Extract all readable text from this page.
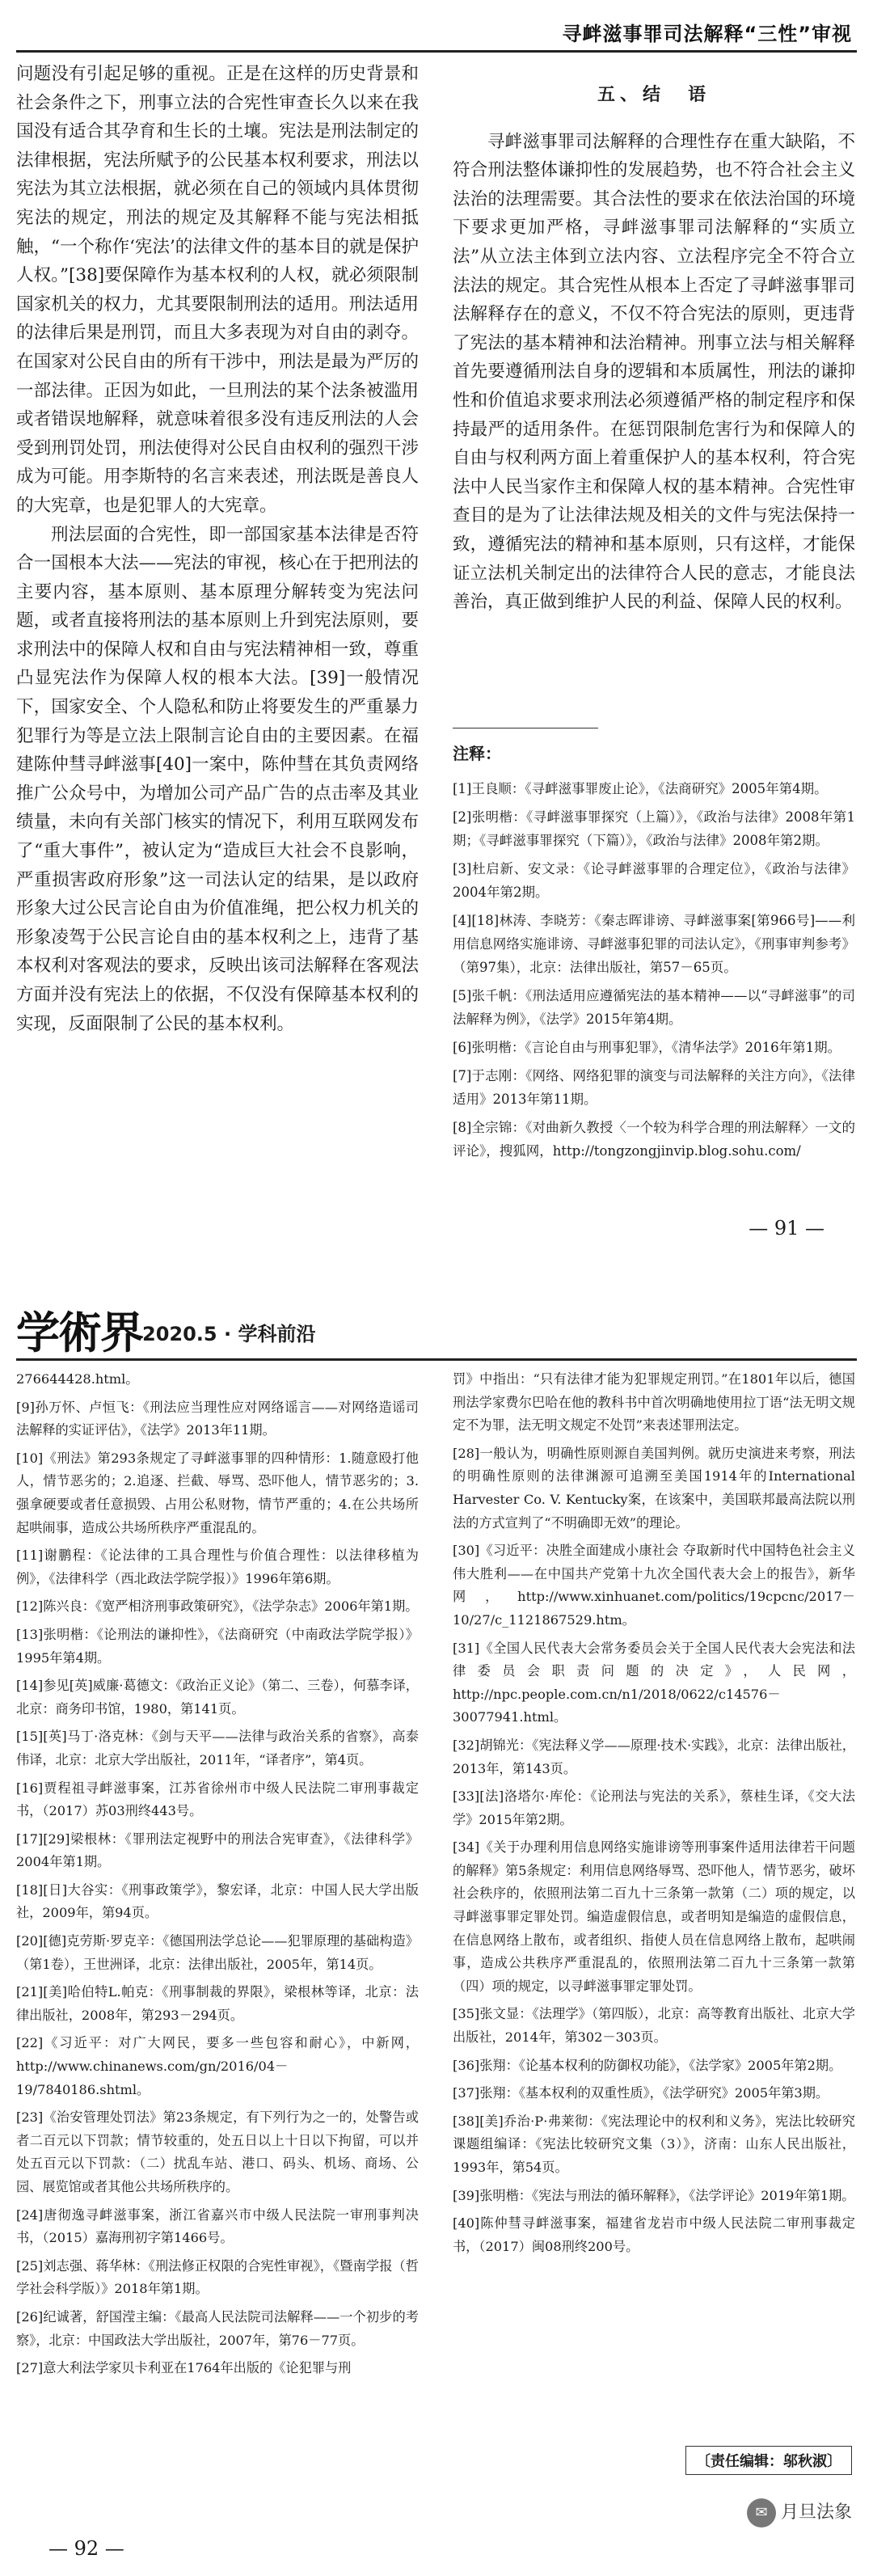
寻衅滋事罪司法解释“三性”审视

问题没有引起足够的重视。正是在这样的历史背景和社会条件之下，刑事立法的合宪性审查长久以来在我国没有适合其孕育和生长的土壤。宪法是刑法制定的法律根据，宪法所赋予的公民基本权利要求，刑法以宪法为其立法根据，就必须在自己的领域内具体贯彻宪法的规定，刑法的规定及其解释不能与宪法相抵触，“一个称作‘宪法’的法律文件的基本目的就是保护人权。”[38]要保障作为基本权利的人权，就必须限制国家机关的权力，尤其要限制刑法的适用。刑法适用的法律后果是刑罚，而且大多表现为对自由的剥夺。在国家对公民自由的所有干涉中，刑法是最为严厉的一部法律。正因为如此，一旦刑法的某个法条被滥用或者错误地解释，就意味着很多没有违反刑法的人会受到刑罚处罚，刑法使得对公民自由权利的强烈干涉成为可能。用李斯特的名言来表述，刑法既是善良人的大宪章，也是犯罪人的大宪章。

刑法层面的合宪性，即一部国家基本法律是否符合一国根本大法——宪法的审视，核心在于把刑法的主要内容，基本原则、基本原理分解转变为宪法问题，或者直接将刑法的基本原则上升到宪法原则，要求刑法中的保障人权和自由与宪法精神相一致，尊重凸显宪法作为保障人权的根本大法。[39]一般情况下，国家安全、个人隐私和防止将要发生的严重暴力犯罪行为等是立法上限制言论自由的主要因素。在福建陈仲彗寻衅滋事[40]一案中，陈仲彗在其负责网络推广公众号中，为增加公司产品广告的点击率及其业绩量，未向有关部门核实的情况下，利用互联网发布了“重大事件”，被认定为“造成巨大社会不良影响，严重损害政府形象”这一司法认定的结果，是以政府形象大过公民言论自由为价值准绳，把公权力机关的形象凌驾于公民言论自由的基本权利之上，违背了基本权利对客观法的要求，反映出该司法解释在客观法方面并没有宪法上的依据，不仅没有保障基本权利的实现，反面限制了公民的基本权利。

五、结　语

寻衅滋事罪司法解释的合理性存在重大缺陷，不符合刑法整体谦抑性的发展趋势，也不符合社会主义法治的法理需要。其合法性的要求在依法治国的环境下要求更加严格，寻衅滋事罪司法解释的“实质立法”从立法主体到立法内容、立法程序完全不符合立法法的规定。其合宪性从根本上否定了寻衅滋事罪司法解释存在的意义，不仅不符合宪法的原则，更违背了宪法的基本精神和法治精神。刑事立法与相关解释首先要遵循刑法自身的逻辑和本质属性，刑法的谦抑性和价值追求要求刑法必须遵循严格的制定程序和保持最严的适用条件。在惩罚限制危害行为和保障人的自由与权利两方面上着重保护人的基本权利，符合宪法中人民当家作主和保障人权的基本精神。合宪性审查目的是为了让法律法规及相关的文件与宪法保持一致，遵循宪法的精神和基本原则，只有这样，才能保证立法机关制定出的法律符合人民的意志，才能良法善治，真正做到维护人民的利益、保障人民的权利。

注释：
[1]王良顺：《寻衅滋事罪废止论》，《法商研究》2005年第4期。
[2]张明楷：《寻衅滋事罪探究（上篇）》，《政治与法律》2008年第1期；《寻衅滋事罪探究（下篇）》，《政治与法律》2008年第2期。
[3]杜启新、安文录：《论寻衅滋事罪的合理定位》，《政治与法律》2004年第2期。
[4][18]林涛、李晓芳：《秦志晖诽谤、寻衅滋事案[第966号]——利用信息网络实施诽谤、寻衅滋事犯罪的司法认定》，《刑事审判参考》（第97集），北京：法律出版社，第57－65页。
[5]张千帆：《刑法适用应遵循宪法的基本精神——以“寻衅滋事”的司法解释为例》，《法学》2015年第4期。
[6]张明楷：《言论自由与刑事犯罪》，《清华法学》2016年第1期。
[7]于志刚：《网络、网络犯罪的演变与司法解释的关注方向》，《法律适用》2013年第11期。
[8]全宗锦：《对曲新久教授〈一个较为科学合理的刑法解释〉一文的评论》，搜狐网，http://tongzongjinvip.blog.sohu.com/
— 91 —
学術界 2020.5 · 学科前沿
276644428.html。
[9]孙万怀、卢恒飞：《刑法应当理性应对网络谣言——对网络造谣司法解释的实证评估》，《法学》2013年11期。
[10]《刑法》第293条规定了寻衅滋事罪的四种情形：1.随意殴打他人，情节恶劣的；2.追逐、拦截、辱骂、恐吓他人，情节恶劣的；3.强拿硬要或者任意损毁、占用公私财物，情节严重的；4.在公共场所起哄闹事，造成公共场所秩序严重混乱的。
[11]谢鹏程：《论法律的工具合理性与价值合理性：以法律移植为例》，《法律科学（西北政法学院学报）》1996年第6期。
[12]陈兴良：《宽严相济刑事政策研究》，《法学杂志》2006年第1期。
[13]张明楷：《论刑法的谦抑性》，《法商研究（中南政法学院学报）》1995年第4期。
[14]参见[英]威廉·葛德文：《政治正义论》（第二、三卷），何慕李译，北京：商务印书馆，1980，第141页。
[15][英]马丁·洛克林：《剑与天平——法律与政治关系的省察》，高泰伟译，北京：北京大学出版社，2011年，“译者序”，第4页。
[16]贾程祖寻衅滋事案，江苏省徐州市中级人民法院二审刑事裁定书，（2017）苏03刑终443号。
[17][29]梁根林：《罪刑法定视野中的刑法合宪审查》，《法律科学》2004年第1期。
[18][日]大谷实：《刑事政策学》，黎宏译，北京：中国人民大学出版社，2009年，第94页。
[20][德]克劳斯·罗克辛：《德国刑法学总论——犯罪原理的基础构造》（第1卷），王世洲译，北京：法律出版社，2005年，第14页。
[21][美]哈伯特L.帕克：《刑事制裁的界限》，梁根林等译，北京：法律出版社，2008年，第293－294页。
[22]《习近平：对广大网民，要多一些包容和耐心》，中新网，http://www.chinanews.com/gn/2016/04－19/7840186.shtml。
[23]《治安管理处罚法》第23条规定，有下列行为之一的，处警告或者二百元以下罚款；情节较重的，处五日以上十日以下拘留，可以并处五百元以下罚款：（二）扰乱车站、港口、码头、机场、商场、公园、展览馆或者其他公共场所秩序的。
[24]唐彻逸寻衅滋事案，浙江省嘉兴市中级人民法院一审刑事判决书，（2015）嘉海刑初字第1466号。
[25]刘志强、蒋华林：《刑法修正权限的合宪性审视》，《暨南学报（哲学社会科学版）》2018年第1期。
[26]纪诚著，舒国滢主编：《最高人民法院司法解释——一个初步的考察》，北京：中国政法大学出版社，2007年，第76－77页。
[27]意大利法学家贝卡利亚在1764年出版的《论犯罪与刑
罚》中指出：“只有法律才能为犯罪规定刑罚。”在1801年以后，德国刑法学家费尔巴哈在他的教科书中首次明确地使用拉丁语“法无明文规定不为罪，法无明文规定不处罚”来表述罪刑法定。
[28]一般认为，明确性原则源自美国判例。就历史演进来考察，刑法的明确性原则的法律渊源可追溯至美国1914年的International Harvester Co. V. Kentucky案，在该案中，美国联邦最高法院以刑法的方式宣判了“不明确即无效”的理论。
[30]《习近平：决胜全面建成小康社会 夺取新时代中国特色社会主义伟大胜利——在中国共产党第十九次全国代表大会上的报告》，新华网，http://www.xinhuanet.com/politics/19cpcnc/2017－10/27/c_1121867529.htm。
[31]《全国人民代表大会常务委员会关于全国人民代表大会宪法和法律委员会职责问题的决定》，人民网，http://npc.people.com.cn/n1/2018/0622/c14576－30077941.html。
[32]胡锦光：《宪法释义学——原理·技术·实践》，北京：法律出版社，2013年，第143页。
[33][法]洛塔尔·库伦：《论刑法与宪法的关系》，蔡桂生译，《交大法学》2015年第2期。
[34]《关于办理利用信息网络实施诽谤等刑事案件适用法律若干问题的解释》第5条规定：利用信息网络辱骂、恐吓他人，情节恶劣，破坏社会秩序的，依照刑法第二百九十三条第一款第（二）项的规定，以寻衅滋事罪定罪处罚。编造虚假信息，或者明知是编造的虚假信息，在信息网络上散布，或者组织、指使人员在信息网络上散布，起哄闹事，造成公共秩序严重混乱的，依照刑法第二百九十三条第一款第（四）项的规定，以寻衅滋事罪定罪处罚。
[35]张文显：《法理学》（第四版），北京：高等教育出版社、北京大学出版社，2014年，第302－303页。
[36]张翔：《论基本权利的防御权功能》，《法学家》2005年第2期。
[37]张翔：《基本权利的双重性质》，《法学研究》2005年第3期。
[38][美]乔治·P·弗莱彻：《宪法理论中的权利和义务》，宪法比较研究课题组编译：《宪法比较研究文集（3）》，济南：山东人民出版社，1993年，第54页。
[39]张明楷：《宪法与刑法的循环解释》，《法学评论》2019年第1期。
[40]陈仲彗寻衅滋事案，福建省龙岩市中级人民法院二审刑事裁定书，（2017）闽08刑终200号。
〔责任编辑：邬秋淑〕
— 92 —
✉ 月旦法象
